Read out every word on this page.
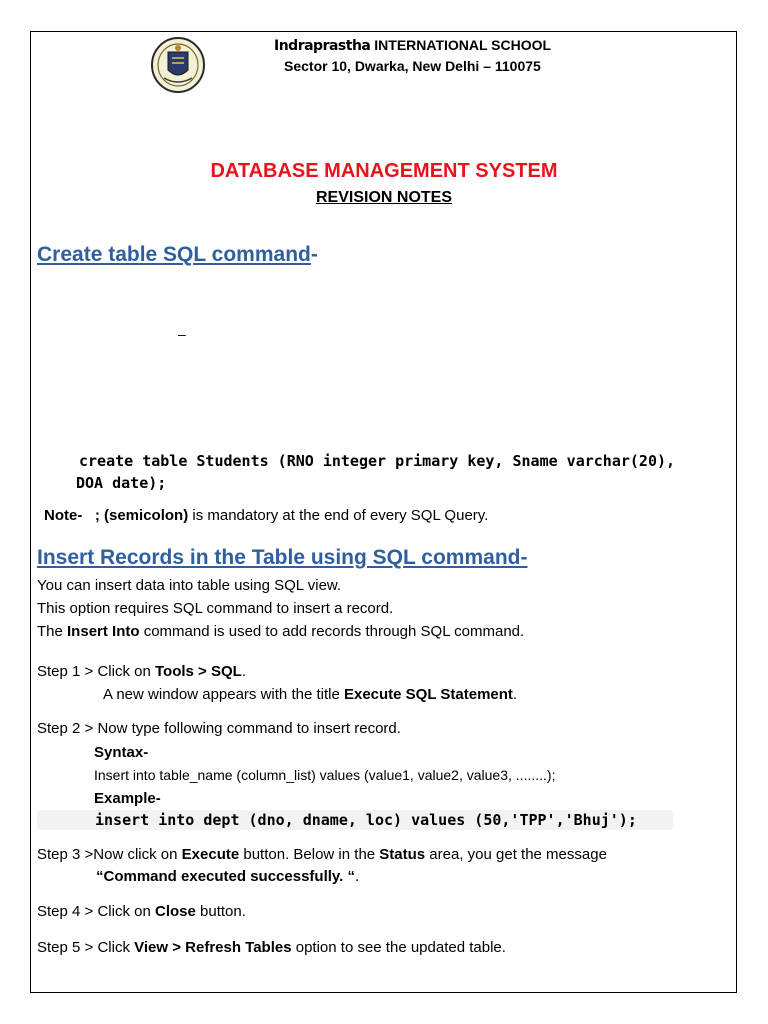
Indraprastha INTERNATIONAL SCHOOL
Sector 10, Dwarka, New Delhi – 110075
DATABASE MANAGEMENT SYSTEM
REVISION NOTES
Create table SQL command-
–
create table Students (RNO integer primary key, Sname varchar(20),
DOA date);
Note- ; (semicolon) is mandatory at the end of every SQL Query.
Insert Records in the Table using SQL command-
You can insert data into table using SQL view.
This option requires SQL command to insert a record.
The Insert Into command is used to add records through SQL command.
Step 1 > Click on Tools > SQL.
A new window appears with the title Execute SQL Statement.
Step 2 > Now type following command to insert record.
Syntax-
Insert into table_name (column_list) values (value1, value2, value3, ........);
Example-
insert into dept (dno, dname, loc) values (50,'TPP','Bhuj');
Step 3 >Now click on Execute button. Below in the Status area, you get the message
“Command executed successfully. “.
Step 4 > Click on Close button.
Step 5 > Click View > Refresh Tables option to see the updated table.
